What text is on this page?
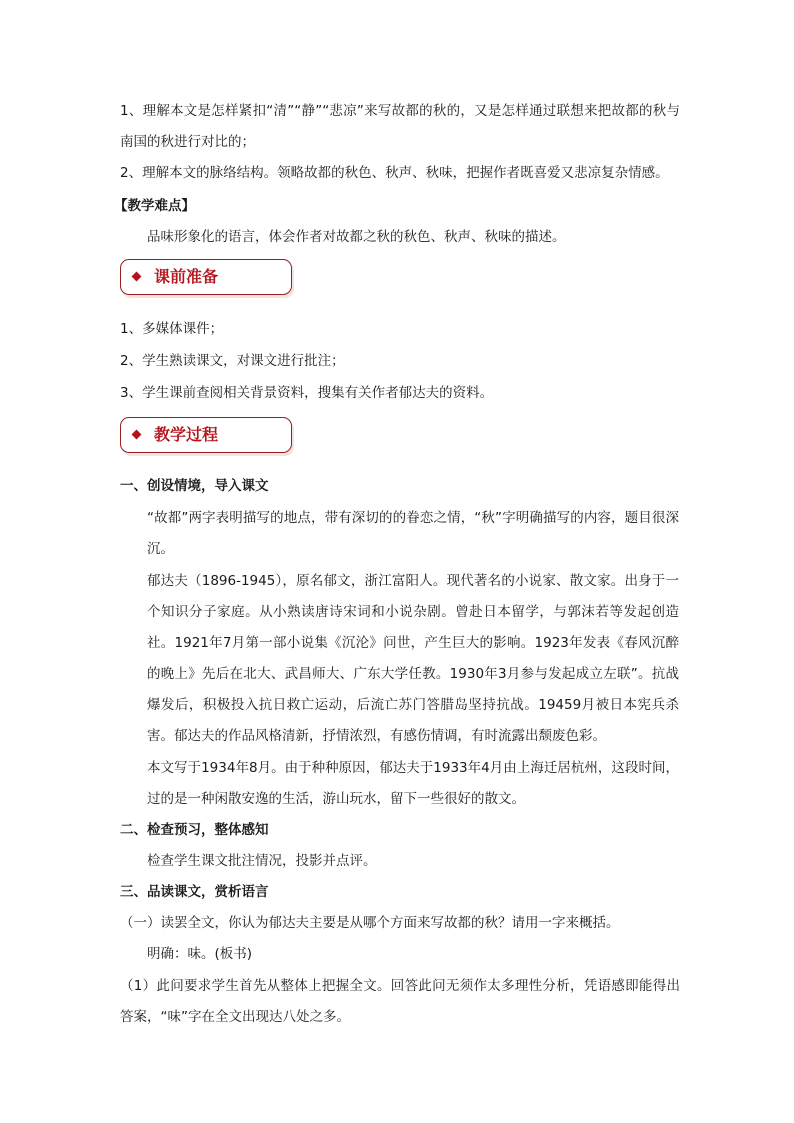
1、理解本文是怎样紧扣“清”“静”“悲凉”来写故都的秋的，又是怎样通过联想来把故都的秋与南国的秋进行对比的；

2、理解本文的脉络结构。领略故都的秋色、秋声、秋味，把握作者既喜爱又悲凉复杂情感。

【教学难点】

品味形象化的语言，体会作者对故都之秋的秋色、秋声、秋味的描述。

课前准备

1、多媒体课件；

2、学生熟读课文，对课文进行批注；

3、学生课前查阅相关背景资料，搜集有关作者郁达夫的资料。

教学过程

一、创设情境，导入课文

“故都”两字表明描写的地点，带有深切的的眷恋之情，“秋”字明确描写的内容，题目很深沉。

郁达夫（1896-1945），原名郁文，浙江富阳人。现代著名的小说家、散文家。出身于一个知识分子家庭。从小熟读唐诗宋词和小说杂剧。曾赴日本留学，与郭沫若等发起创造社。1921年7月第一部小说集《沉沦》问世，产生巨大的影响。1923年发表《春风沉醉的晚上》先后在北大、武昌师大、广东大学任教。1930年3月参与发起成立左联”。抗战爆发后，积极投入抗日救亡运动，后流亡苏门答腊岛坚持抗战。19459月被日本宪兵杀害。郁达夫的作品风格清新，抒情浓烈，有感伤情调，有时流露出颓废色彩。

本文写于1934年8月。由于种种原因，郁达夫于1933年4月由上海迁居杭州，这段时间，过的是一种闲散安逸的生活，游山玩水，留下一些很好的散文。

二、检查预习，整体感知

检查学生课文批注情况，投影并点评。

三、品读课文，赏析语言

（一）读罢全文，你认为郁达夫主要是从哪个方面来写故都的秋？请用一字来概括。

明确：味。(板书)

（1）此问要求学生首先从整体上把握全文。回答此问无须作太多理性分析，凭语感即能得出答案，“味”字在全文出现达八处之多。
